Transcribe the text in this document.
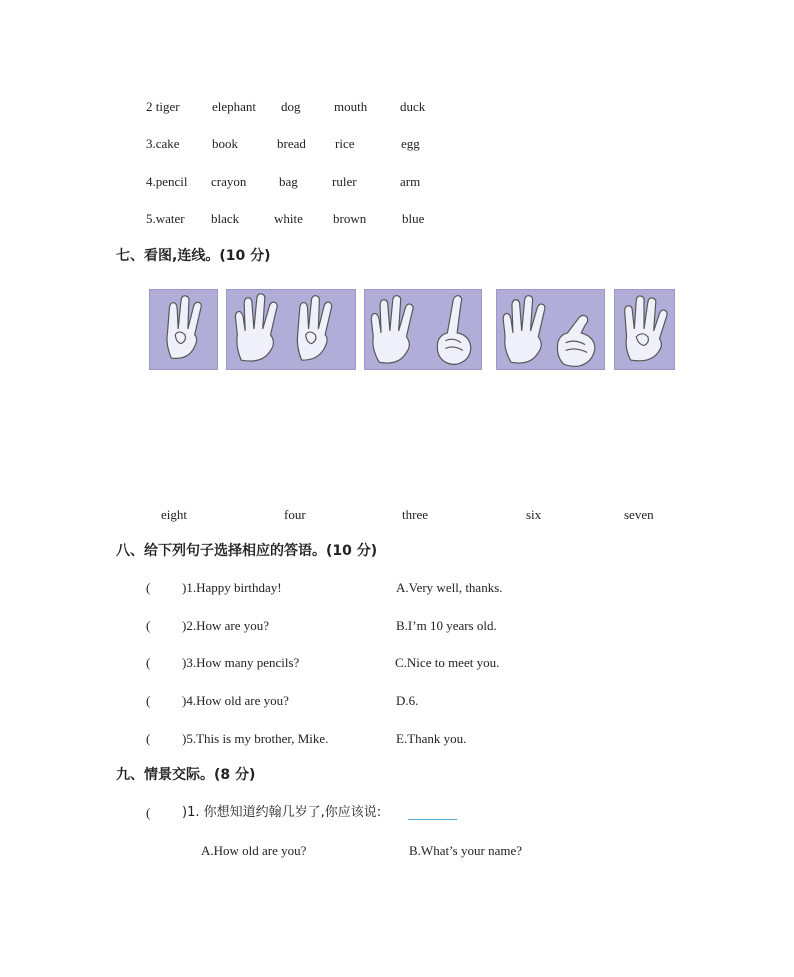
2 tiger elephant dog	mouth	duck
3.cake book	bread rice	egg
4.pencil crayon	bag	ruler	arm
5.water black	white brown	blue
七、看图,连线。(10 分)
eight	four	three	six	seven
八、给下列句子选择相应的答语。(10 分)
( )1.Happy birthday!	A.Very well, thanks.
( )2.How are you?	B.I’m 10 years old.
( )3.How many pencils?	C.Nice to meet you.
( )4.How old are you?	D.6.
( )5.This is my brother, Mike.	E.Thank you.
九、情景交际。(8 分)
( )1. 你想知道约翰几岁了,你应该说:
A.How old are you?	B.What’s your name?
